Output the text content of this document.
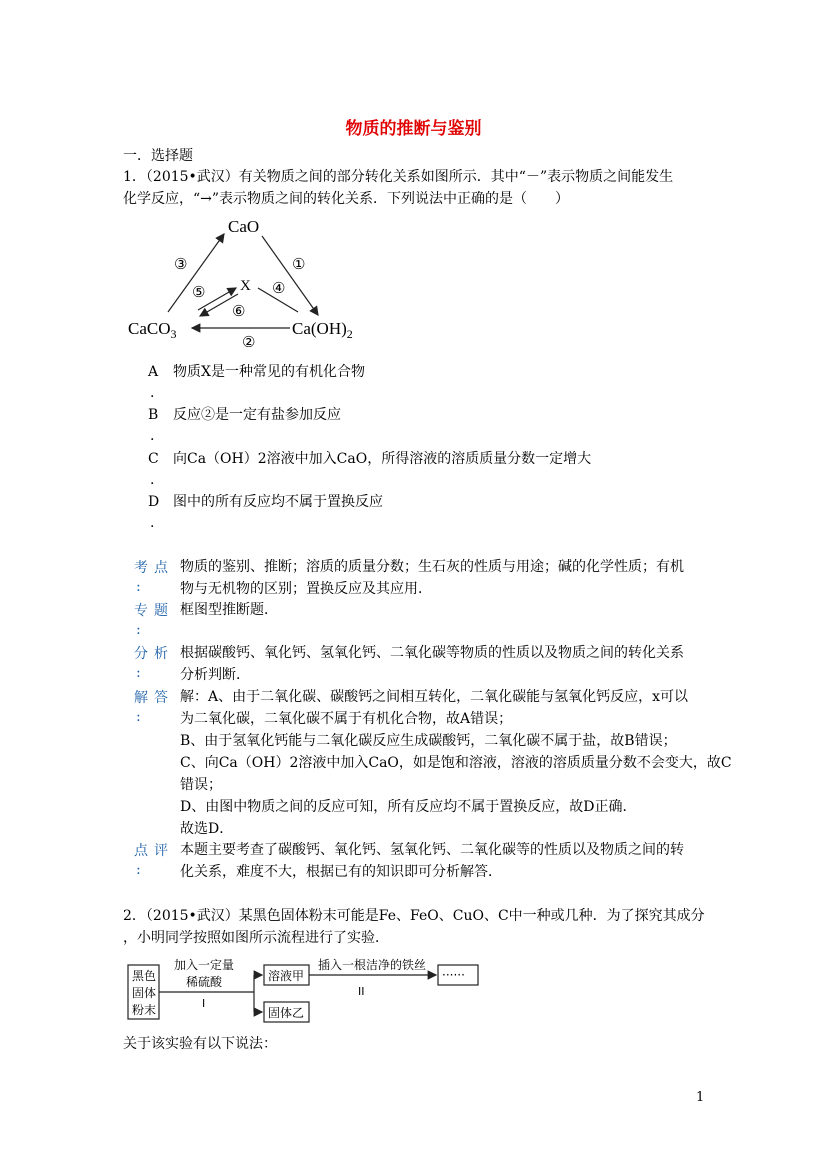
物质的推断与鉴别
一．选择题
1．（2015•武汉）有关物质之间的部分转化关系如图所示．其中“－”表示物质之间能发生
化学反应，“→”表示物质之间的转化关系．下列说法中正确的是（　　）
CaO
X
CaCO$_3$	$Ca(OH)_2$
③	①
⑤	④
⑥
②
A 物质X是一种常见的有机化合物
.
B 反应②是一定有盐参加反应
.
C 向Ca（OH）2溶液中加入CaO，所得溶液的溶质质量分数一定增大
.
D 图中的所有反应均不属于置换反应
.
考点
:
物质的鉴别、推断；溶质的质量分数；生石灰的性质与用途；碱的化学性质；有机
物与无机物的区别；置换反应及其应用．
专题
:
框图型推断题．
分析
:
根据碳酸钙、氧化钙、氢氧化钙、二氧化碳等物质的性质以及物质之间的转化关系
分析判断．
解答
:
解：A、由于二氧化碳、碳酸钙之间相互转化，二氧化碳能与氢氧化钙反应，x可以
为二氧化碳，二氧化碳不属于有机化合物，故A错误；
B、由于氢氧化钙能与二氧化碳反应生成碳酸钙，二氧化碳不属于盐，故B错误；
C、向Ca（OH）2溶液中加入CaO，如是饱和溶液，溶液的溶质质量分数不会变大，故C
错误；
D、由图中物质之间的反应可知，所有反应均不属于置换反应，故D正确．
故选D．
点评
:
本题主要考查了碳酸钙、氧化钙、氢氧化钙、二氧化碳等的性质以及物质之间的转
化关系，难度不大，根据已有的知识即可分析解答．
2．（2015•武汉）某黑色固体粉末可能是Fe、FeO、CuO、C中一种或几种．为了探究其成分
，小明同学按照如图所示流程进行了实验．
黑色
固体
粉末
加入一定量
稀硫酸
I
溶液甲
固体乙
插入一根洁净的铁丝
II
······
关于该实验有以下说法：
1
